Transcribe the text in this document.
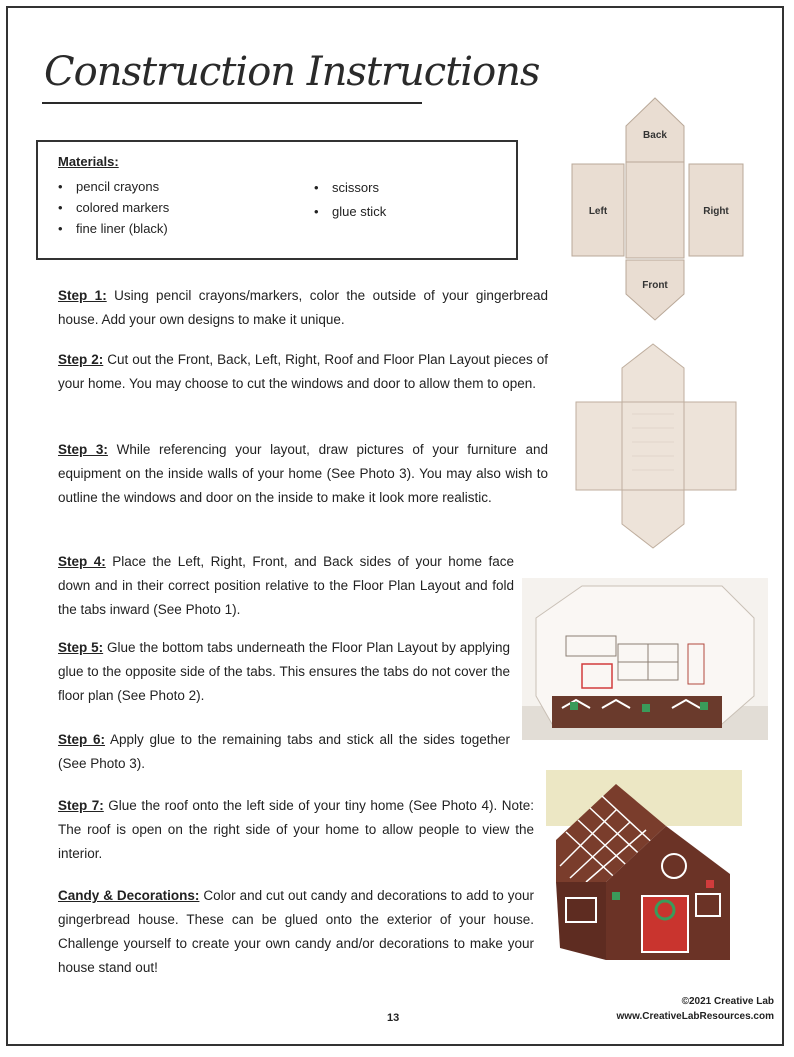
Construction Instructions
Materials:
• pencil crayons
• colored markers
• fine liner (black)
• scissors
• glue stick
Back
Left	Right
Front
Step 1: Using pencil crayons/markers, color the outside of your gingerbread house. Add your own designs to make it unique.
Step 2: Cut out the Front, Back, Left, Right, Roof and Floor Plan Layout pieces of your home. You may choose to cut the windows and door to allow them to open.
Step 3: While referencing your layout, draw pictures of your furniture and equipment on the inside walls of your home (See Photo 3). You may also wish to outline the windows and door on the inside to make it look more realistic.
Step 4: Place the Left, Right, Front, and Back sides of your home face down and in their correct position relative to the Floor Plan Layout and fold the tabs inward (See Photo 1).
Step 5: Glue the bottom tabs underneath the Floor Plan Layout by applying glue to the opposite side of the tabs. This ensures the tabs do not cover the floor plan (See Photo 2).
Step 6: Apply glue to the remaining tabs and stick all the sides together (See Photo 3).
Step 7: Glue the roof onto the left side of your tiny home (See Photo 4). Note: The roof is open on the right side of your home to allow people to view the interior.
Candy & Decorations: Color and cut out candy and decorations to add to your gingerbread house. These can be glued onto the exterior of your house. Challenge yourself to create your own candy and/or decorations to make your house stand out!
©2021 Creative Lab
www.CreativeLabResources.com
13
